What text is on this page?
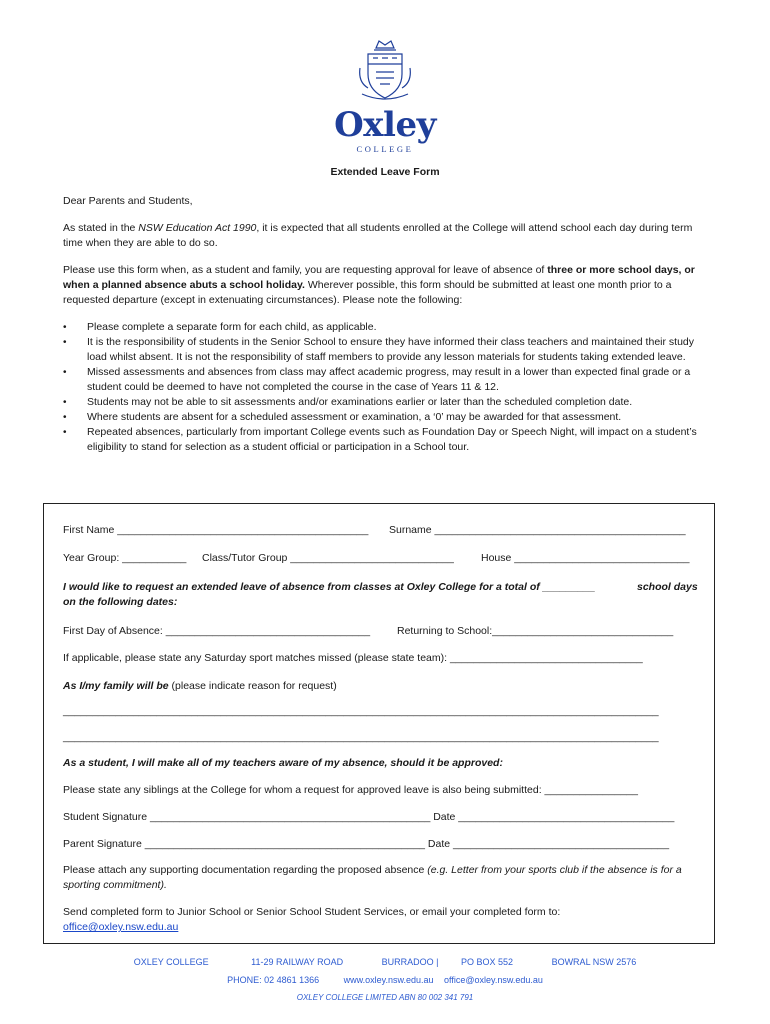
Oxley
COLLEGE
Extended Leave Form
Dear Parents and Students,
As stated in the NSW Education Act 1990, it is expected that all students enrolled at the College will attend school each day during term time when they are able to do so.
Please use this form when, as a student and family, you are requesting approval for leave of absence of three or more school days, or when a planned absence abuts a school holiday. Wherever possible, this form should be submitted at least one month prior to a requested departure (except in extenuating circumstances). Please note the following:
• Please complete a separate form for each child, as applicable.
• It is the responsibility of students in the Senior School to ensure they have informed their class teachers and maintained their study load whilst absent. It is not the responsibility of staff members to provide any lesson materials for students taking extended leave.
• Missed assessments and absences from class may affect academic progress, may result in a lower than expected final grade or a student could be deemed to have not completed the course in the case of Years 11 & 12.
• Students may not be able to sit assessments and/or examinations earlier or later than the scheduled completion date.
• Where students are absent for a scheduled assessment or examination, a ‘0’ may be awarded for that assessment.
• Repeated absences, particularly from important College events such as Foundation Day or Speech Night, will impact on a student’s eligibility to stand for selection as a student official or participation in a School tour.
First Name ___________________________________________ Surname ___________________________________________
Year Group: ___________ Class/Tutor Group ____________________________	House ______________________________
I would like to request an extended leave of absence from classes at Oxley College for a total of _________	school days
on the following dates:
First Day of Absence: ___________________________________	Returning to School:_______________________________
If applicable, please state any Saturday sport matches missed (please state team): _________________________________
As I/my family will be (please indicate reason for request)
______________________________________________________________________________________________________
______________________________________________________________________________________________________
As a student, I will make all of my teachers aware of my absence, should it be approved:
Please state any siblings at the College for whom a request for approved leave is also being submitted: ________________
Student Signature ________________________________________________ Date _____________________________________
Parent Signature ________________________________________________ Date _____________________________________
Please attach any supporting documentation regarding the proposed absence (e.g. Letter from your sports club if the absence is for a sporting commitment).
Send completed form to Junior School or Senior School Student Services, or email your completed form to:
office@oxley.nsw.edu.au
OXLEY COLLEGE	11-29 RAILWAY ROAD	BURRADOO |	PO BOX 552	BOWRAL NSW 2576
PHONE: 02 4861 1366	www.oxley.nsw.edu.au office@oxley.nsw.edu.au
OXLEY COLLEGE LIMITED ABN 80 002 341 791
